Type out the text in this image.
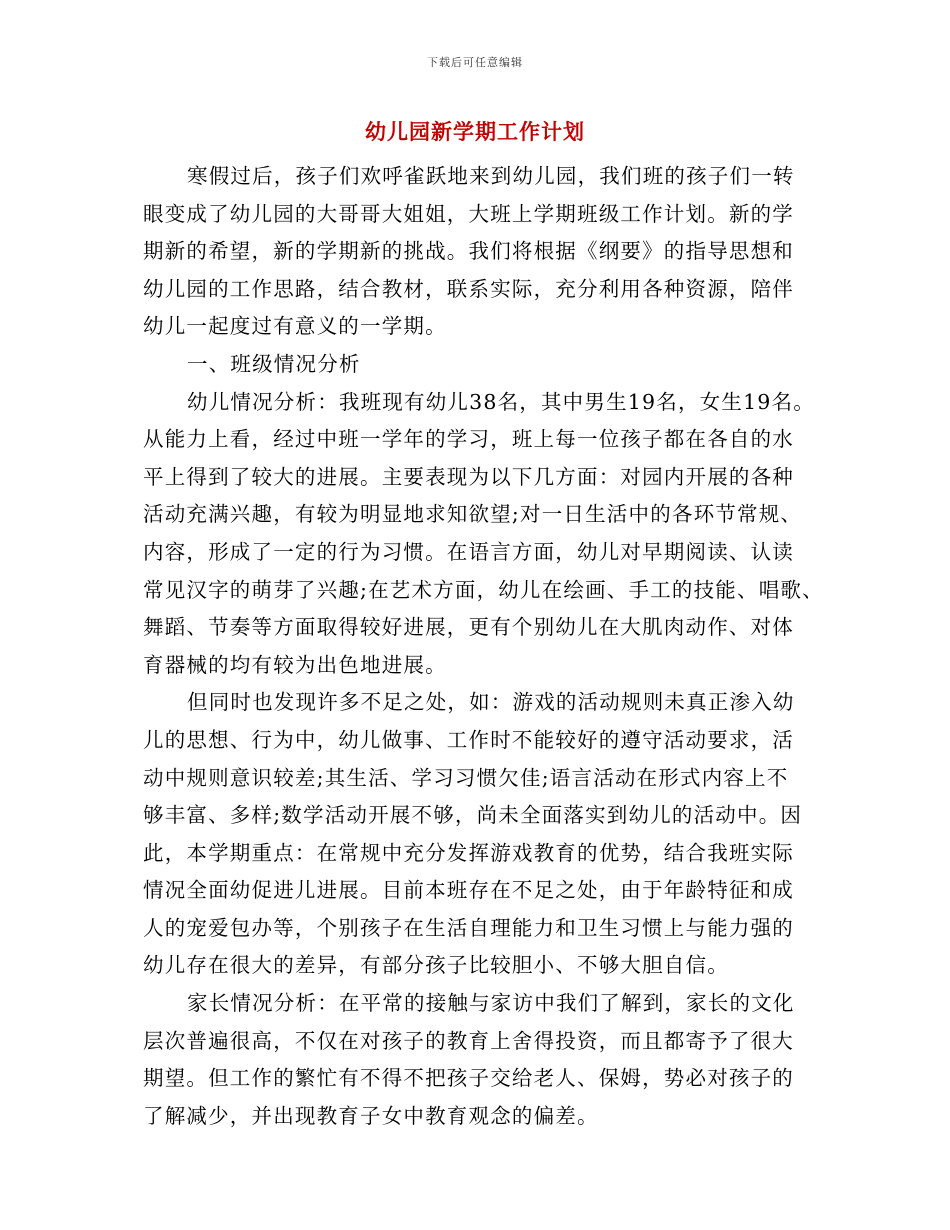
下载后可任意编辑
幼儿园新学期工作计划
寒假过后，孩子们欢呼雀跃地来到幼儿园，我们班的孩子们一转
眼变成了幼儿园的大哥哥大姐姐，大班上学期班级工作计划。新的学
期新的希望，新的学期新的挑战。我们将根据《纲要》的指导思想和
幼儿园的工作思路，结合教材，联系实际，充分利用各种资源，陪伴
幼儿一起度过有意义的一学期。
一、班级情况分析
幼儿情况分析：我班现有幼儿38名，其中男生19名，女生19名。
从能力上看，经过中班一学年的学习，班上每一位孩子都在各自的水
平上得到了较大的进展。主要表现为以下几方面：对园内开展的各种
活动充满兴趣，有较为明显地求知欲望;对一日生活中的各环节常规、
内容，形成了一定的行为习惯。在语言方面，幼儿对早期阅读、认读
常见汉字的萌芽了兴趣;在艺术方面，幼儿在绘画、手工的技能、唱歌、
舞蹈、节奏等方面取得较好进展，更有个别幼儿在大肌肉动作、对体
育器械的均有较为出色地进展。
但同时也发现许多不足之处，如：游戏的活动规则未真正渗入幼
儿的思想、行为中，幼儿做事、工作时不能较好的遵守活动要求，活
动中规则意识较差;其生活、学习习惯欠佳;语言活动在形式内容上不
够丰富、多样;数学活动开展不够，尚未全面落实到幼儿的活动中。因
此，本学期重点：在常规中充分发挥游戏教育的优势，结合我班实际
情况全面幼促进儿进展。目前本班存在不足之处，由于年龄特征和成
人的宠爱包办等，个别孩子在生活自理能力和卫生习惯上与能力强的
幼儿存在很大的差异，有部分孩子比较胆小、不够大胆自信。
家长情况分析：在平常的接触与家访中我们了解到，家长的文化
层次普遍很高，不仅在对孩子的教育上舍得投资，而且都寄予了很大
期望。但工作的繁忙有不得不把孩子交给老人、保姆，势必对孩子的
了解减少，并出现教育子女中教育观念的偏差。
